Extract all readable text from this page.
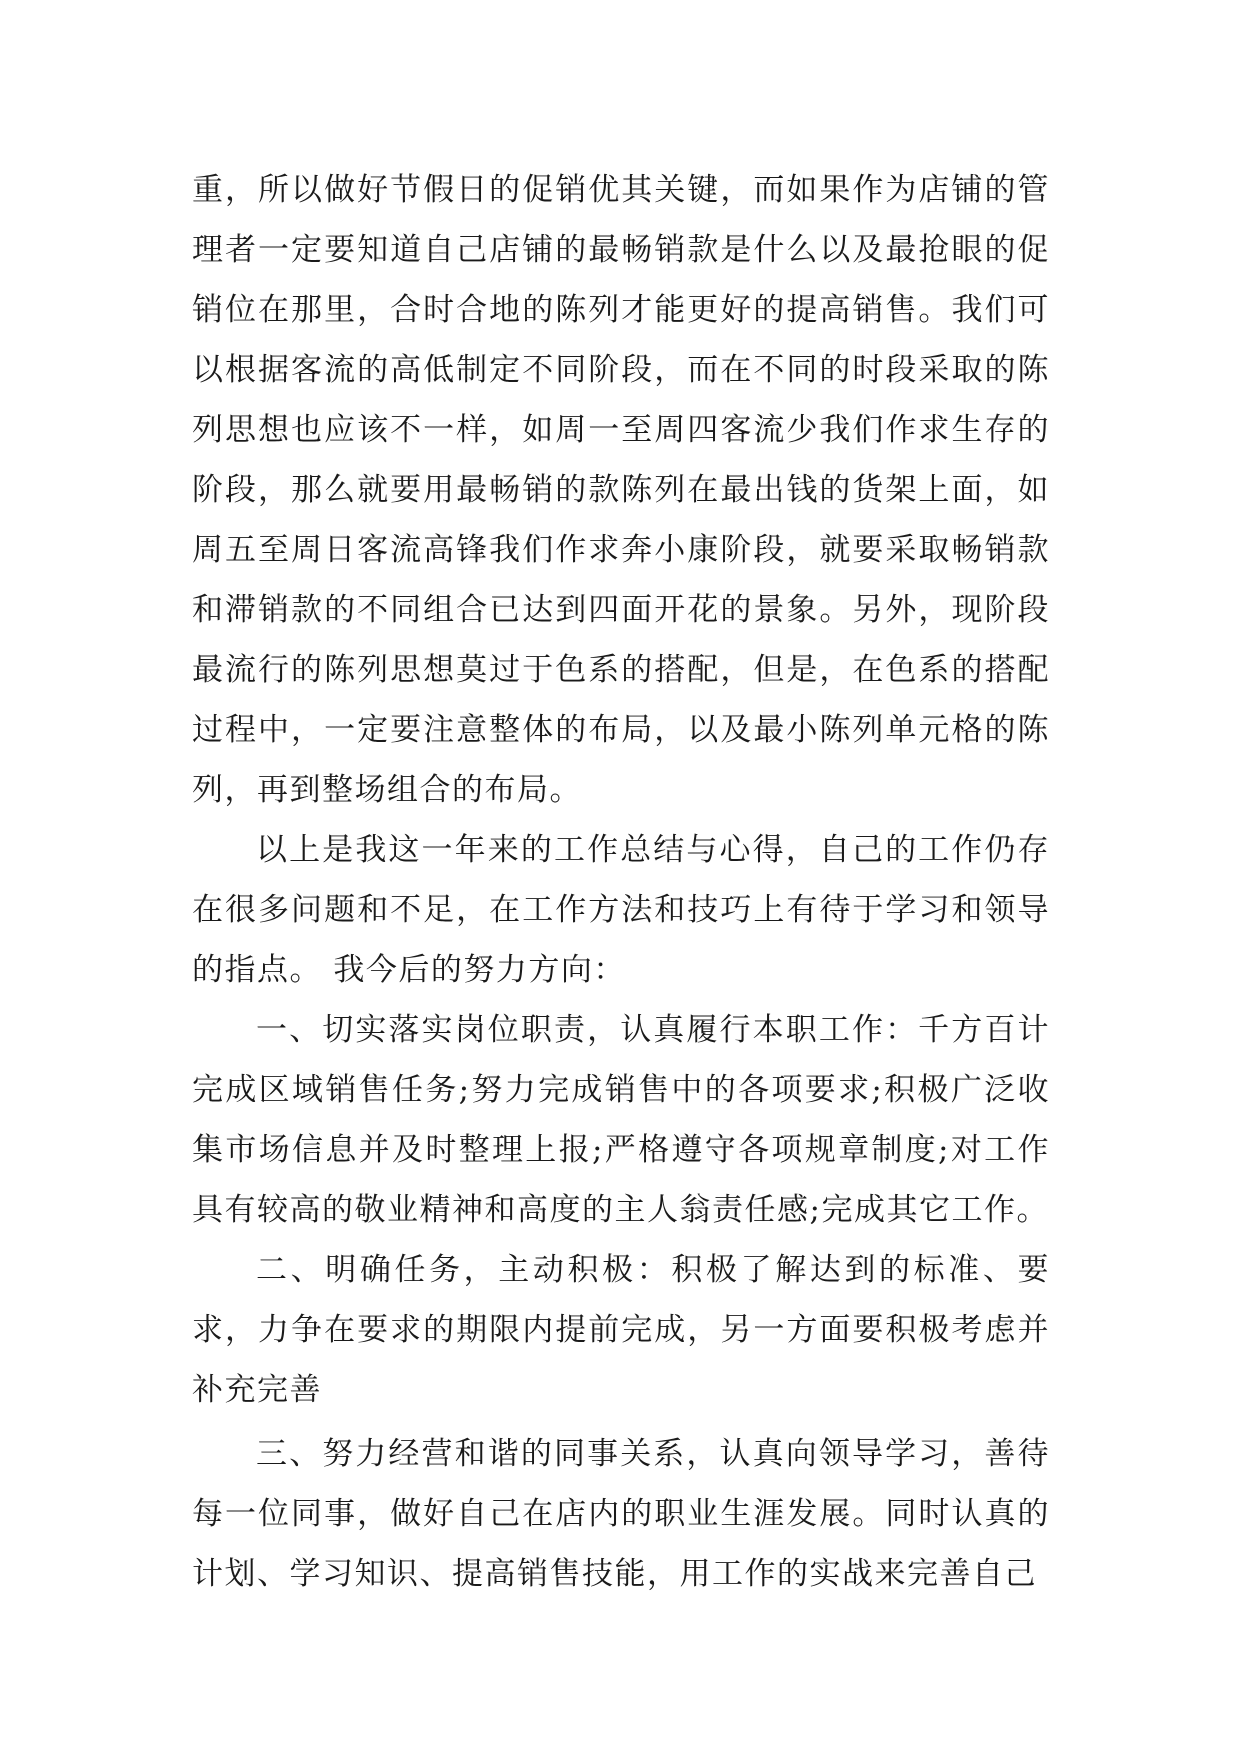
重，所以做好节假日的促销优其关键，而如果作为店铺的管理者一定要知道自己店铺的最畅销款是什么以及最抢眼的促销位在那里，合时合地的陈列才能更好的提高销售。我们可以根据客流的高低制定不同阶段，而在不同的时段采取的陈列思想也应该不一样，如周一至周四客流少我们作求生存的阶段，那么就要用最畅销的款陈列在最出钱的货架上面，如周五至周日客流高锋我们作求奔小康阶段，就要采取畅销款和滞销款的不同组合已达到四面开花的景象。另外，现阶段最流行的陈列思想莫过于色系的搭配，但是，在色系的搭配过程中，一定要注意整体的布局，以及最小陈列单元格的陈列，再到整场组合的布局。

以上是我这一年来的工作总结与心得，自己的工作仍存在很多问题和不足，在工作方法和技巧上有待于学习和领导的指点。 我今后的努力方向：

一、切实落实岗位职责，认真履行本职工作：千方百计完成区域销售任务;努力完成销售中的各项要求;积极广泛收集市场信息并及时整理上报;严格遵守各项规章制度;对工作具有较高的敬业精神和高度的主人翁责任感;完成其它工作。

二、明确任务，主动积极：积极了解达到的标准、要求，力争在要求的期限内提前完成，另一方面要积极考虑并补充完善

三、努力经营和谐的同事关系，认真向领导学习，善待每一位同事，做好自己在店内的职业生涯发展。同时认真的计划、学习知识、提高销售技能，用工作的实战来完善自己
